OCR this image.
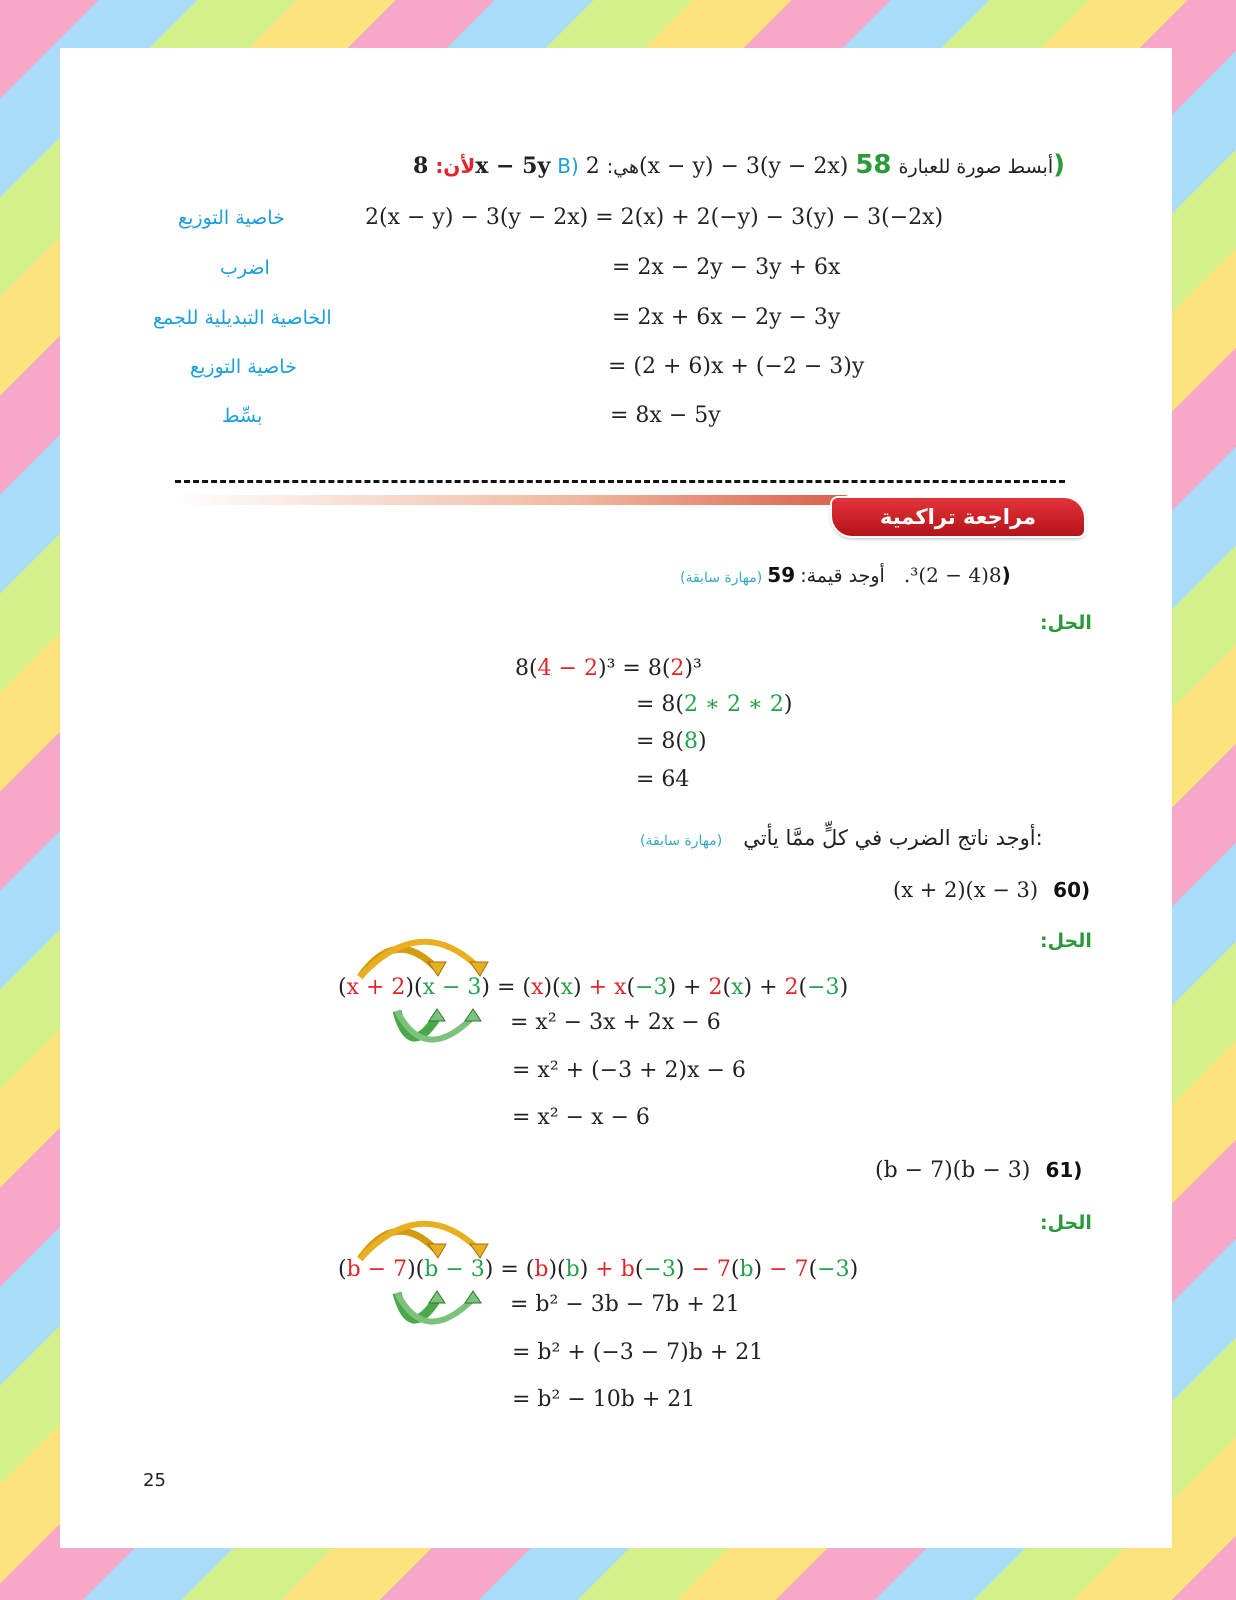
لأن: 8x − 5y B) هي: 2(x − y) − 3(y − 2x)	أبسط صورة للعبارة 58)
2(x − y) − 3(y − 2x) = 2(x) + 2(−y) − 3(y) − 3(−2x)
خاصية التوزيع
= 2x − 2y − 3y + 6x
اضرب
= 2x + 6x − 2y − 3y
الخاصية التبديلية للجمع
= (2 + 6)x + (−2 − 3)y
خاصية التوزيع
= 8x − 5y
بسِّط
مراجعة تراكمية
(مهارة سابقة)	8(4 − 2)³. أوجد قيمة: 59)
الحل:
8(4 − 2)³ = 8(2)³
= 8(2 ∗ 2 ∗ 2)
= 8(8)
= 64
(مهارة سابقة) أوجد ناتج الضرب في كلٍّ ممَّا يأتي:
(x + 2)(x − 3) 60)
الحل:
(x + 2)(x − 3) = (x)(x) + x(−3) + 2(x) + 2(−3)
= x² − 3x + 2x − 6
= x² + (−3 + 2)x − 6
= x² − x − 6
(b − 7)(b − 3) 61)
الحل:
(b − 7)(b − 3) = (b)(b) + b(−3) − 7(b) − 7(−3)
= b² − 3b − 7b + 21
= b² + (−3 − 7)b + 21
= b² − 10b + 21
25
